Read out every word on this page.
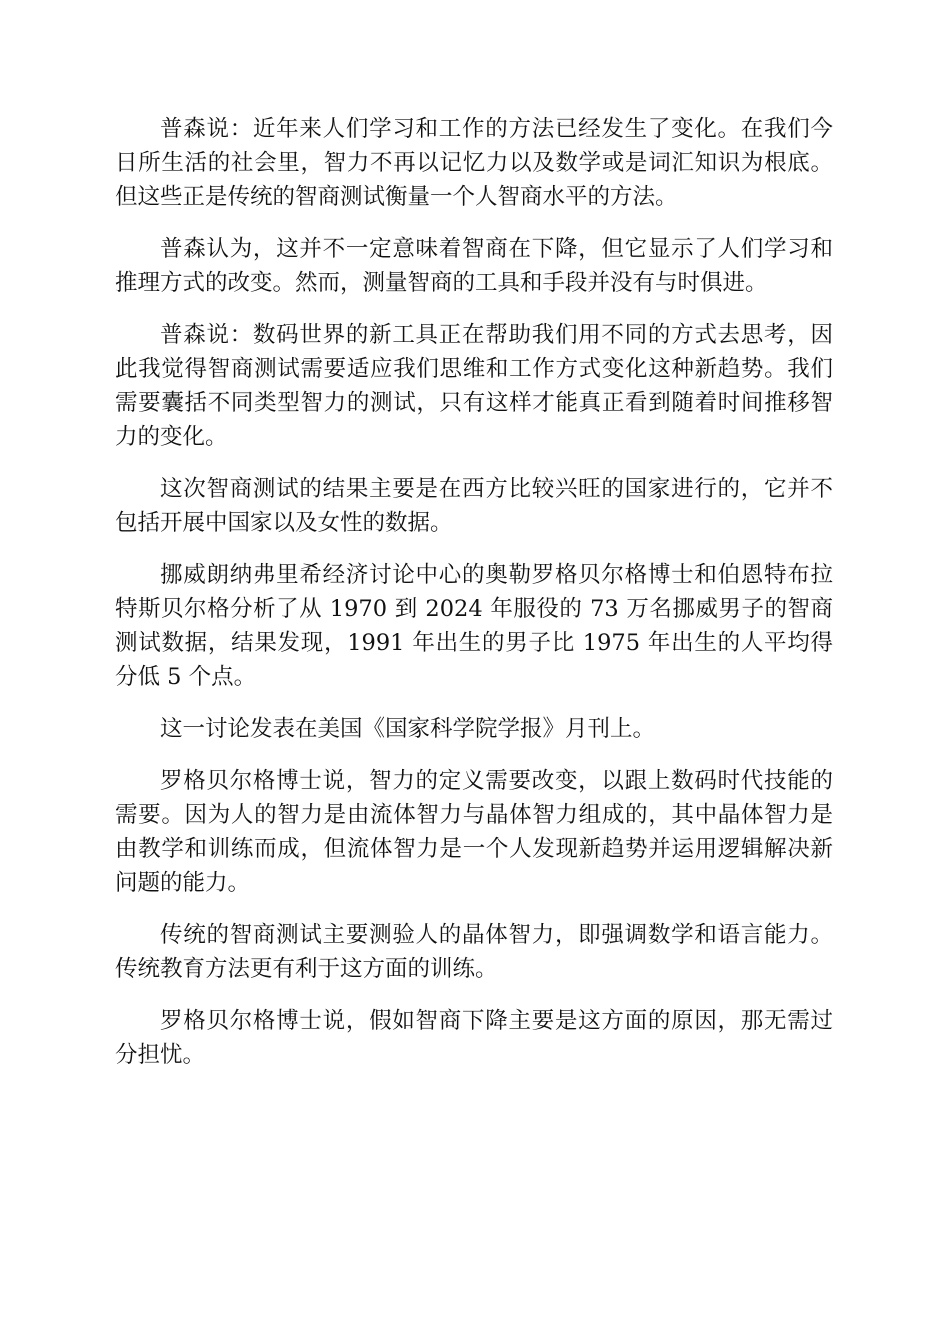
普森说：近年来人们学习和工作的方法已经发生了变化。在我们今日所生活的社会里，智力不再以记忆力以及数学或是词汇知识为根底。但这些正是传统的智商测试衡量一个人智商水平的方法。

普森认为，这并不一定意味着智商在下降，但它显示了人们学习和推理方式的改变。然而，测量智商的工具和手段并没有与时俱进。

普森说：数码世界的新工具正在帮助我们用不同的方式去思考，因此我觉得智商测试需要适应我们思维和工作方式变化这种新趋势。我们需要囊括不同类型智力的测试，只有这样才能真正看到随着时间推移智力的变化。

这次智商测试的结果主要是在西方比较兴旺的国家进行的，它并不包括开展中国家以及女性的数据。

挪威朗纳弗里希经济讨论中心的奥勒罗格贝尔格博士和伯恩特布拉特斯贝尔格分析了从 1970 到 2024 年服役的 73 万名挪威男子的智商测试数据，结果发现，1991 年出生的男子比 1975 年出生的人平均得分低 5 个点。

这一讨论发表在美国《国家科学院学报》月刊上。

罗格贝尔格博士说，智力的定义需要改变，以跟上数码时代技能的需要。因为人的智力是由流体智力与晶体智力组成的，其中晶体智力是由教学和训练而成，但流体智力是一个人发现新趋势并运用逻辑解决新问题的能力。

传统的智商测试主要测验人的晶体智力，即强调数学和语言能力。传统教育方法更有利于这方面的训练。

罗格贝尔格博士说，假如智商下降主要是这方面的原因，那无需过分担忧。
